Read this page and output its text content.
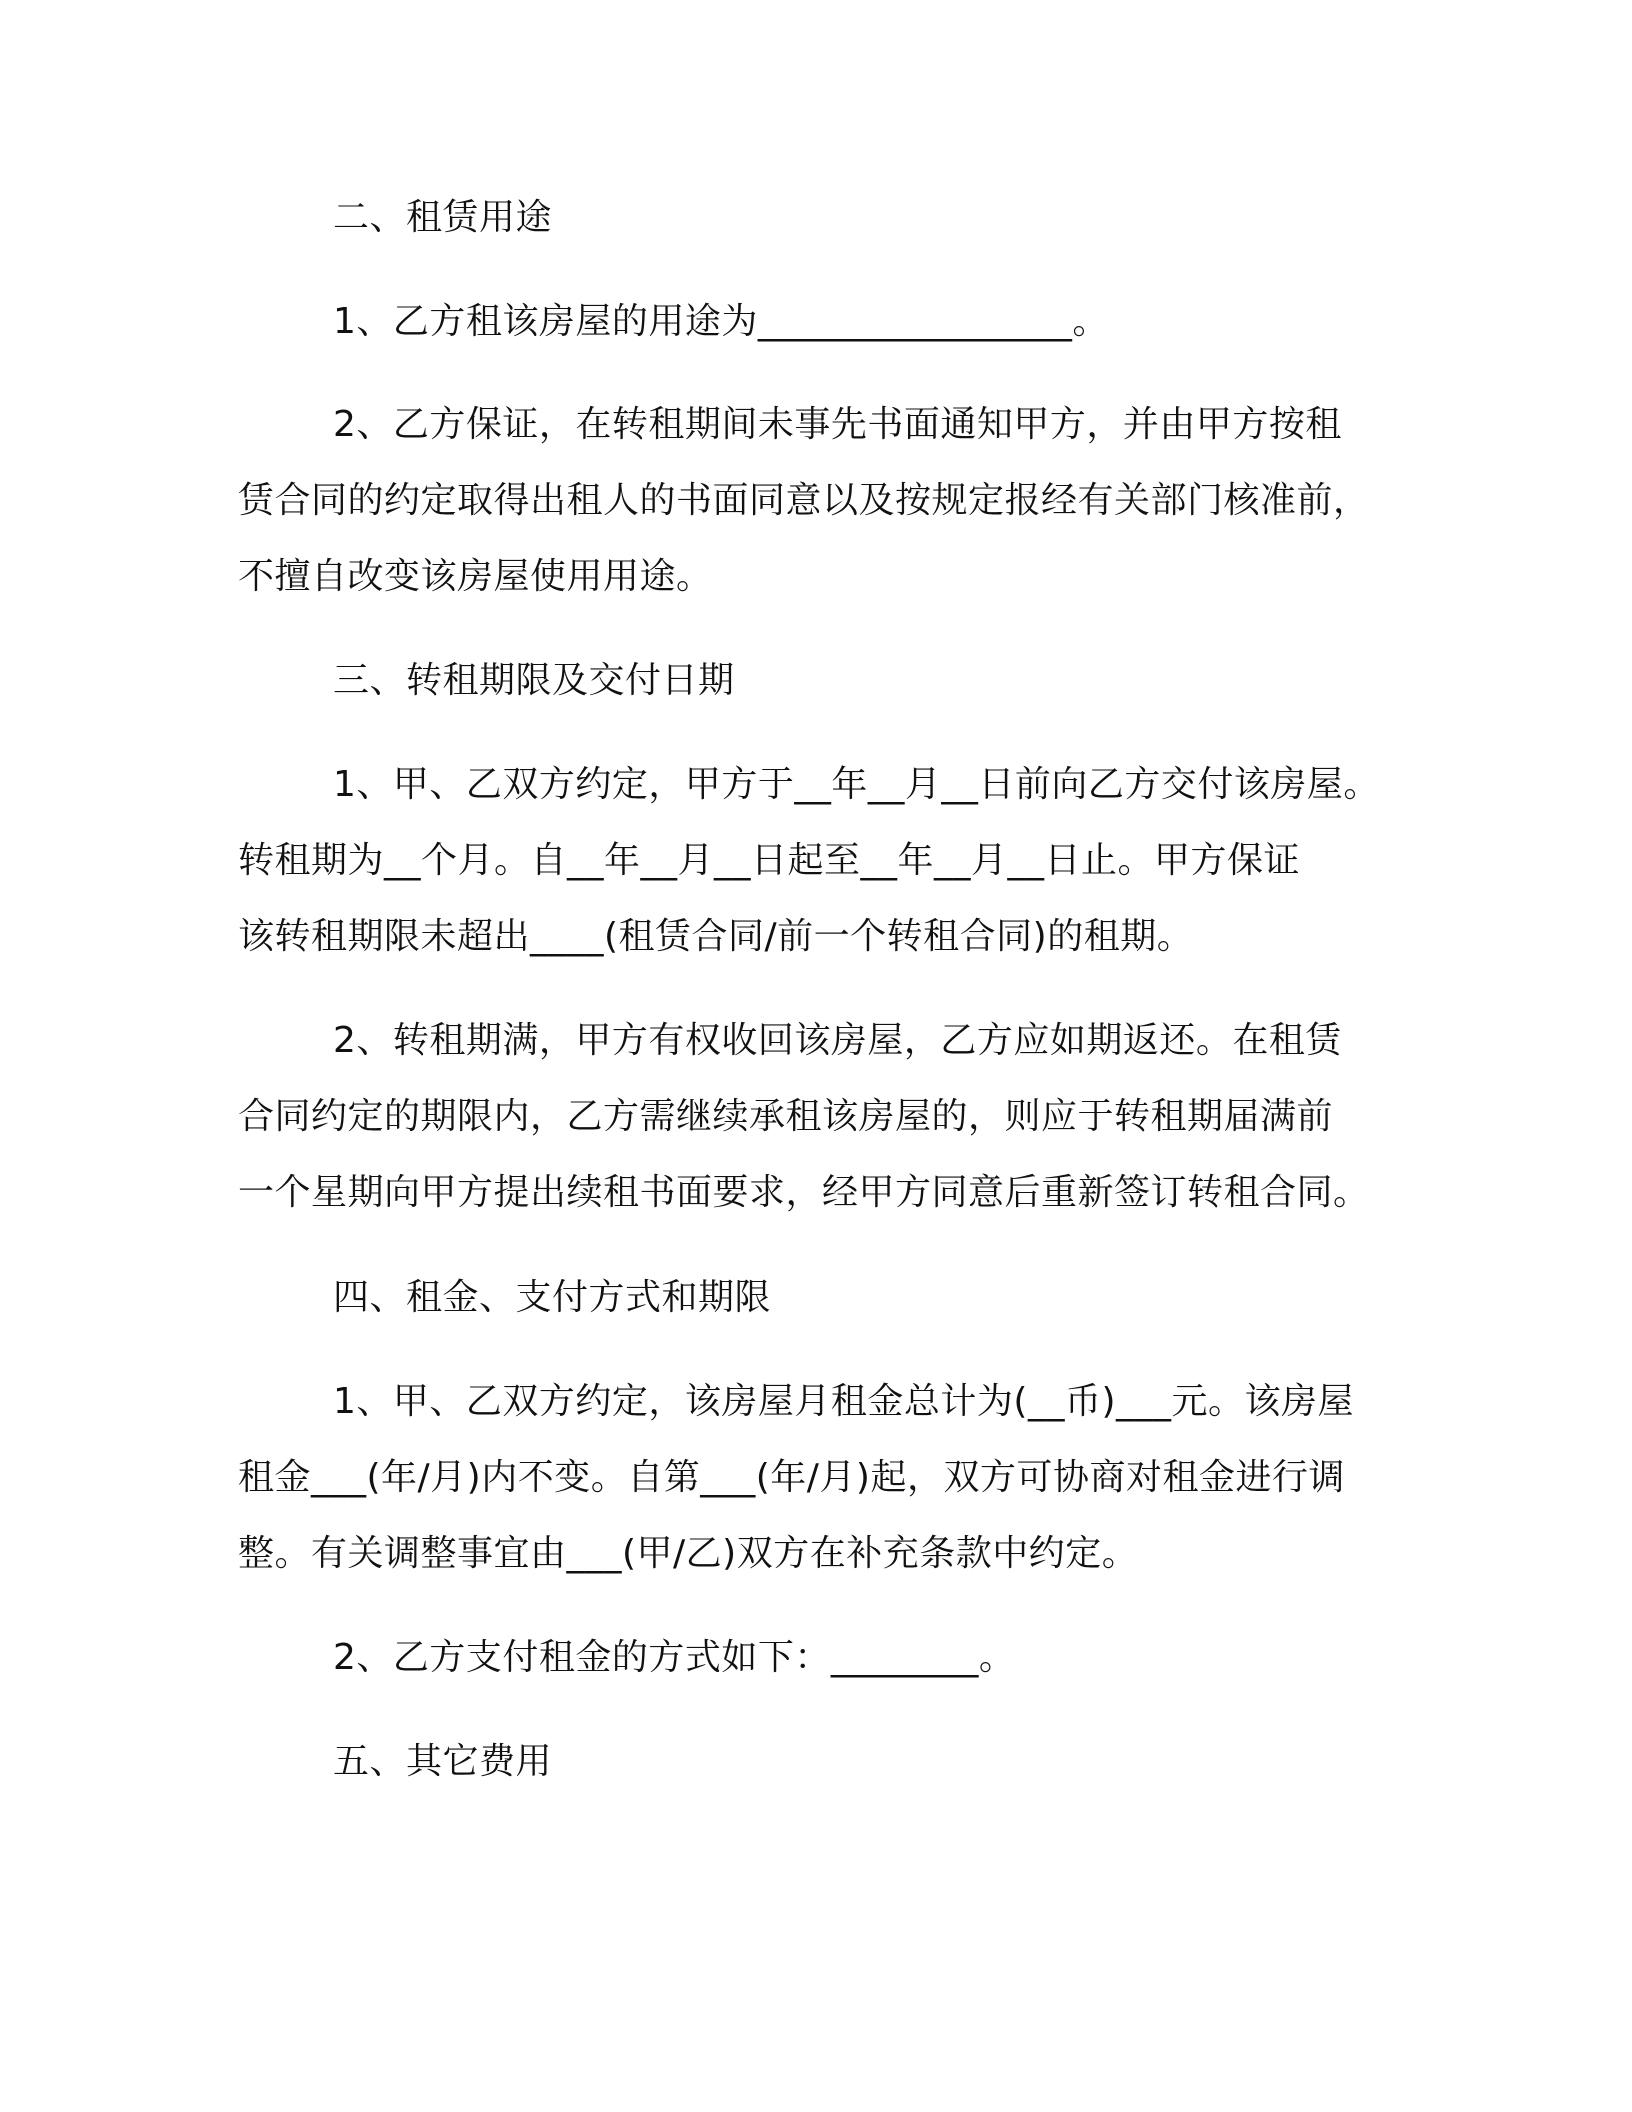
二、租赁用途

1、乙方租该房屋的用途为_________________。

2、乙方保证，在转租期间未事先书面通知甲方，并由甲方按租

赁合同的约定取得出租人的书面同意以及按规定报经有关部门核准前，

不擅自改变该房屋使用用途。

三、转租期限及交付日期

1、甲、乙双方约定，甲方于__年__月__日前向乙方交付该房屋。

转租期为__个月。自__年__月__日起至__年__月__日止。甲方保证

该转租期限未超出____(租赁合同/前一个转租合同)的租期。

2、转租期满，甲方有权收回该房屋，乙方应如期返还。在租赁

合同约定的期限内，乙方需继续承租该房屋的，则应于转租期届满前

一个星期向甲方提出续租书面要求，经甲方同意后重新签订转租合同。

四、租金、支付方式和期限

1、甲、乙双方约定，该房屋月租金总计为(__币)___元。该房屋

租金___(年/月)内不变。自第___(年/月)起，双方可协商对租金进行调

整。有关调整事宜由___(甲/乙)双方在补充条款中约定。

2、乙方支付租金的方式如下：________。

五、其它费用
